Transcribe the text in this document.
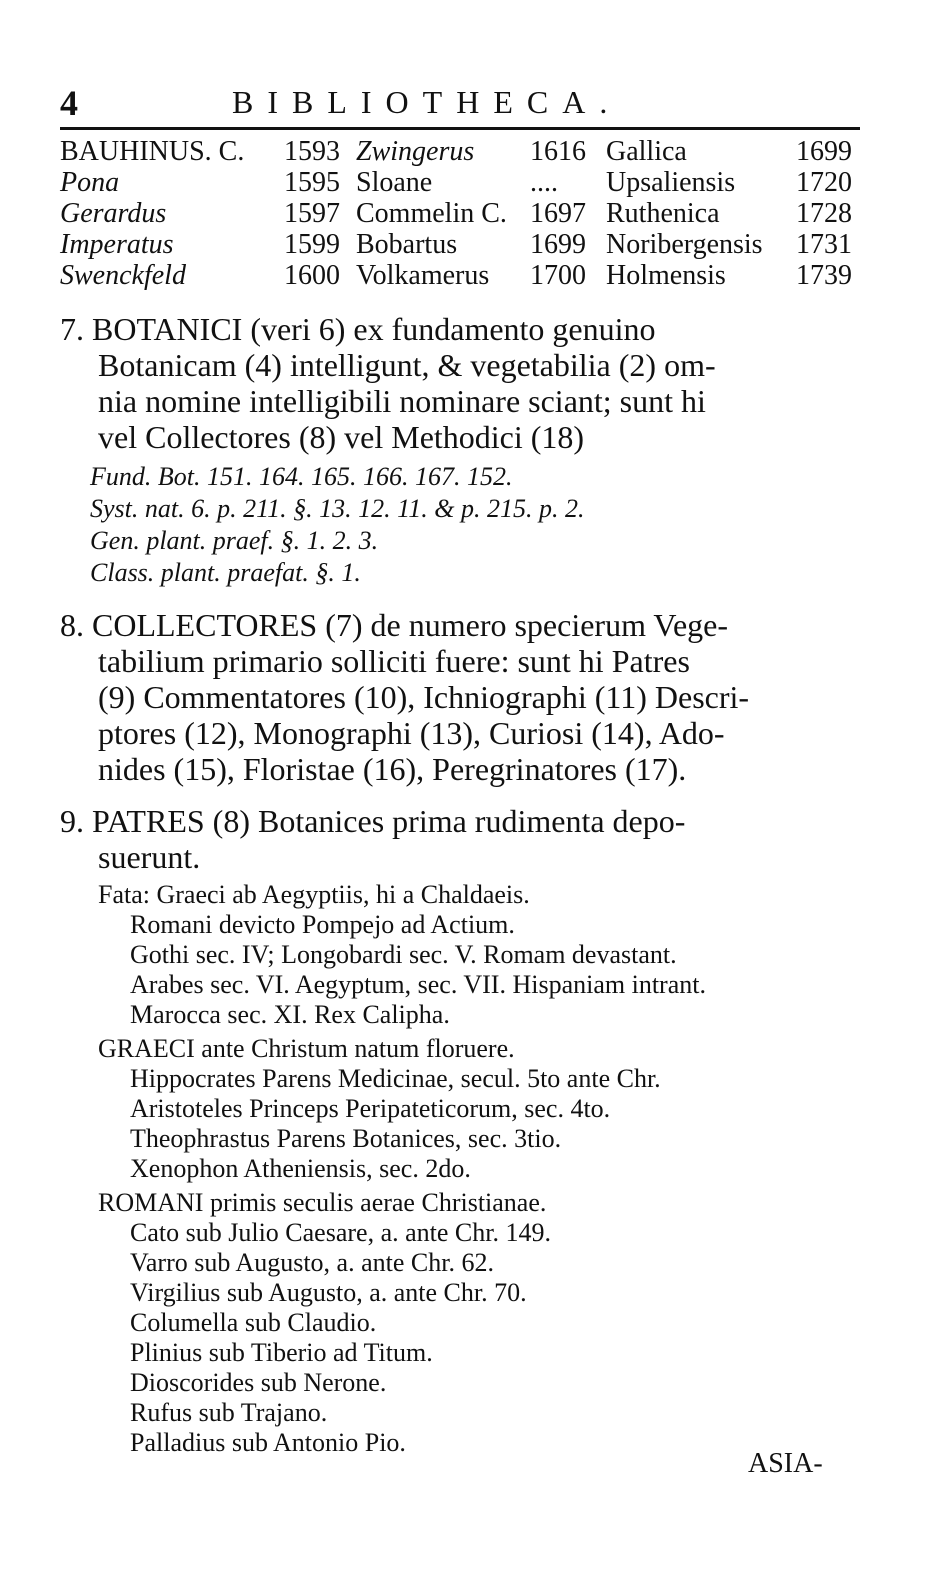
4	BIBLIOTHECA.
BAUHINUS. C.	1593	Zwingerus	1616	Gallica	1699
Pona	1595	Sloane	....	Upsaliensis	1720
Gerardus	1597	Commelin C.	1697	Ruthenica	1728
Imperatus	1599	Bobartus	1699	Noribergensis	1731
Swenckfeld	1600	Volkamerus	1700	Holmensis	1739
7. BOTANICI (veri 6) ex fundamento genuino
Botanicam (4) intelligunt, & vegetabilia (2) om-
nia nomine intelligibili nominare sciant; sunt hi
vel Collectores (8) vel Methodici (18)
Fund. Bot. 151. 164. 165. 166. 167. 152.
Syst. nat. 6. p. 211. §. 13. 12. 11. & p. 215. p. 2.
Gen. plant. praef. §. 1. 2. 3.
Class. plant. praefat. §. 1.
8. COLLECTORES (7) de numero specierum Vege-
tabilium primario solliciti fuere: sunt hi Patres
(9) Commentatores (10), Ichniographi (11) Descri-
ptores (12), Monographi (13), Curiosi (14), Ado-
nides (15), Floristae (16), Peregrinatores (17).
9. PATRES (8) Botanices prima rudimenta depo-
suerunt.
Fata: Graeci ab Aegyptiis, hi a Chaldaeis.
Romani devicto Pompejo ad Actium.
Gothi sec. IV; Longobardi sec. V. Romam devastant.
Arabes sec. VI. Aegyptum, sec. VII. Hispaniam intrant.
Marocca sec. XI. Rex Calipha.
GRAECI ante Christum natum floruere.
Hippocrates Parens Medicinae, secul. 5to ante Chr.
Aristoteles Princeps Peripateticorum, sec. 4to.
Theophrastus Parens Botanices, sec. 3tio.
Xenophon Atheniensis, sec. 2do.
ROMANI primis seculis aerae Christianae.
Cato sub Julio Caesare, a. ante Chr. 149.
Varro sub Augusto, a. ante Chr. 62.
Virgilius sub Augusto, a. ante Chr. 70.
Columella sub Claudio.
Plinius sub Tiberio ad Titum.
Dioscorides sub Nerone.
Rufus sub Trajano.
Palladius sub Antonio Pio.
ASIA-
